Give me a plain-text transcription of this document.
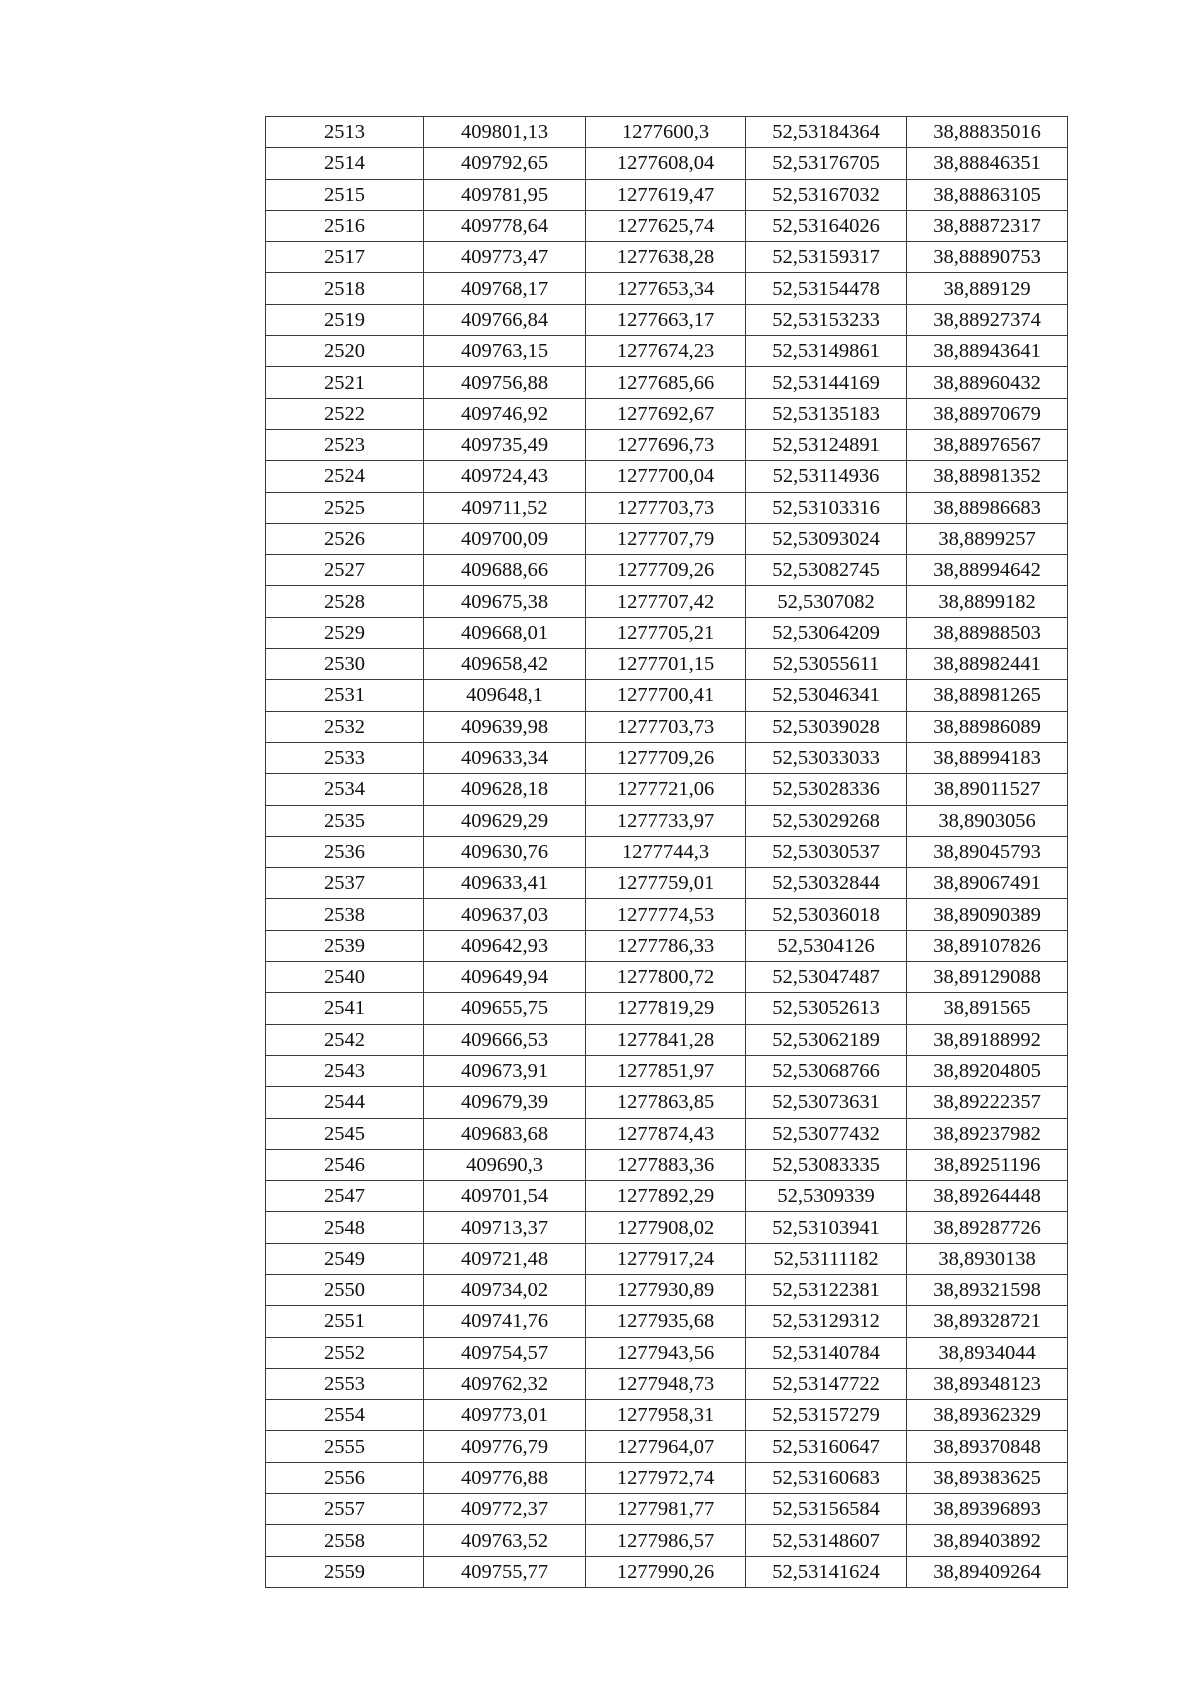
2513	409801,13	1277600,3	52,53184364	38,88835016
2514	409792,65	1277608,04	52,53176705	38,88846351
2515	409781,95	1277619,47	52,53167032	38,88863105
2516	409778,64	1277625,74	52,53164026	38,88872317
2517	409773,47	1277638,28	52,53159317	38,88890753
2518	409768,17	1277653,34	52,53154478	38,889129
2519	409766,84	1277663,17	52,53153233	38,88927374
2520	409763,15	1277674,23	52,53149861	38,88943641
2521	409756,88	1277685,66	52,53144169	38,88960432
2522	409746,92	1277692,67	52,53135183	38,88970679
2523	409735,49	1277696,73	52,53124891	38,88976567
2524	409724,43	1277700,04	52,53114936	38,88981352
2525	409711,52	1277703,73	52,53103316	38,88986683
2526	409700,09	1277707,79	52,53093024	38,8899257
2527	409688,66	1277709,26	52,53082745	38,88994642
2528	409675,38	1277707,42	52,5307082	38,8899182
2529	409668,01	1277705,21	52,53064209	38,88988503
2530	409658,42	1277701,15	52,53055611	38,88982441
2531	409648,1	1277700,41	52,53046341	38,88981265
2532	409639,98	1277703,73	52,53039028	38,88986089
2533	409633,34	1277709,26	52,53033033	38,88994183
2534	409628,18	1277721,06	52,53028336	38,89011527
2535	409629,29	1277733,97	52,53029268	38,8903056
2536	409630,76	1277744,3	52,53030537	38,89045793
2537	409633,41	1277759,01	52,53032844	38,89067491
2538	409637,03	1277774,53	52,53036018	38,89090389
2539	409642,93	1277786,33	52,5304126	38,89107826
2540	409649,94	1277800,72	52,53047487	38,89129088
2541	409655,75	1277819,29	52,53052613	38,891565
2542	409666,53	1277841,28	52,53062189	38,89188992
2543	409673,91	1277851,97	52,53068766	38,89204805
2544	409679,39	1277863,85	52,53073631	38,89222357
2545	409683,68	1277874,43	52,53077432	38,89237982
2546	409690,3	1277883,36	52,53083335	38,89251196
2547	409701,54	1277892,29	52,5309339	38,89264448
2548	409713,37	1277908,02	52,53103941	38,89287726
2549	409721,48	1277917,24	52,53111182	38,8930138
2550	409734,02	1277930,89	52,53122381	38,89321598
2551	409741,76	1277935,68	52,53129312	38,89328721
2552	409754,57	1277943,56	52,53140784	38,8934044
2553	409762,32	1277948,73	52,53147722	38,89348123
2554	409773,01	1277958,31	52,53157279	38,89362329
2555	409776,79	1277964,07	52,53160647	38,89370848
2556	409776,88	1277972,74	52,53160683	38,89383625
2557	409772,37	1277981,77	52,53156584	38,89396893
2558	409763,52	1277986,57	52,53148607	38,89403892
2559	409755,77	1277990,26	52,53141624	38,89409264
